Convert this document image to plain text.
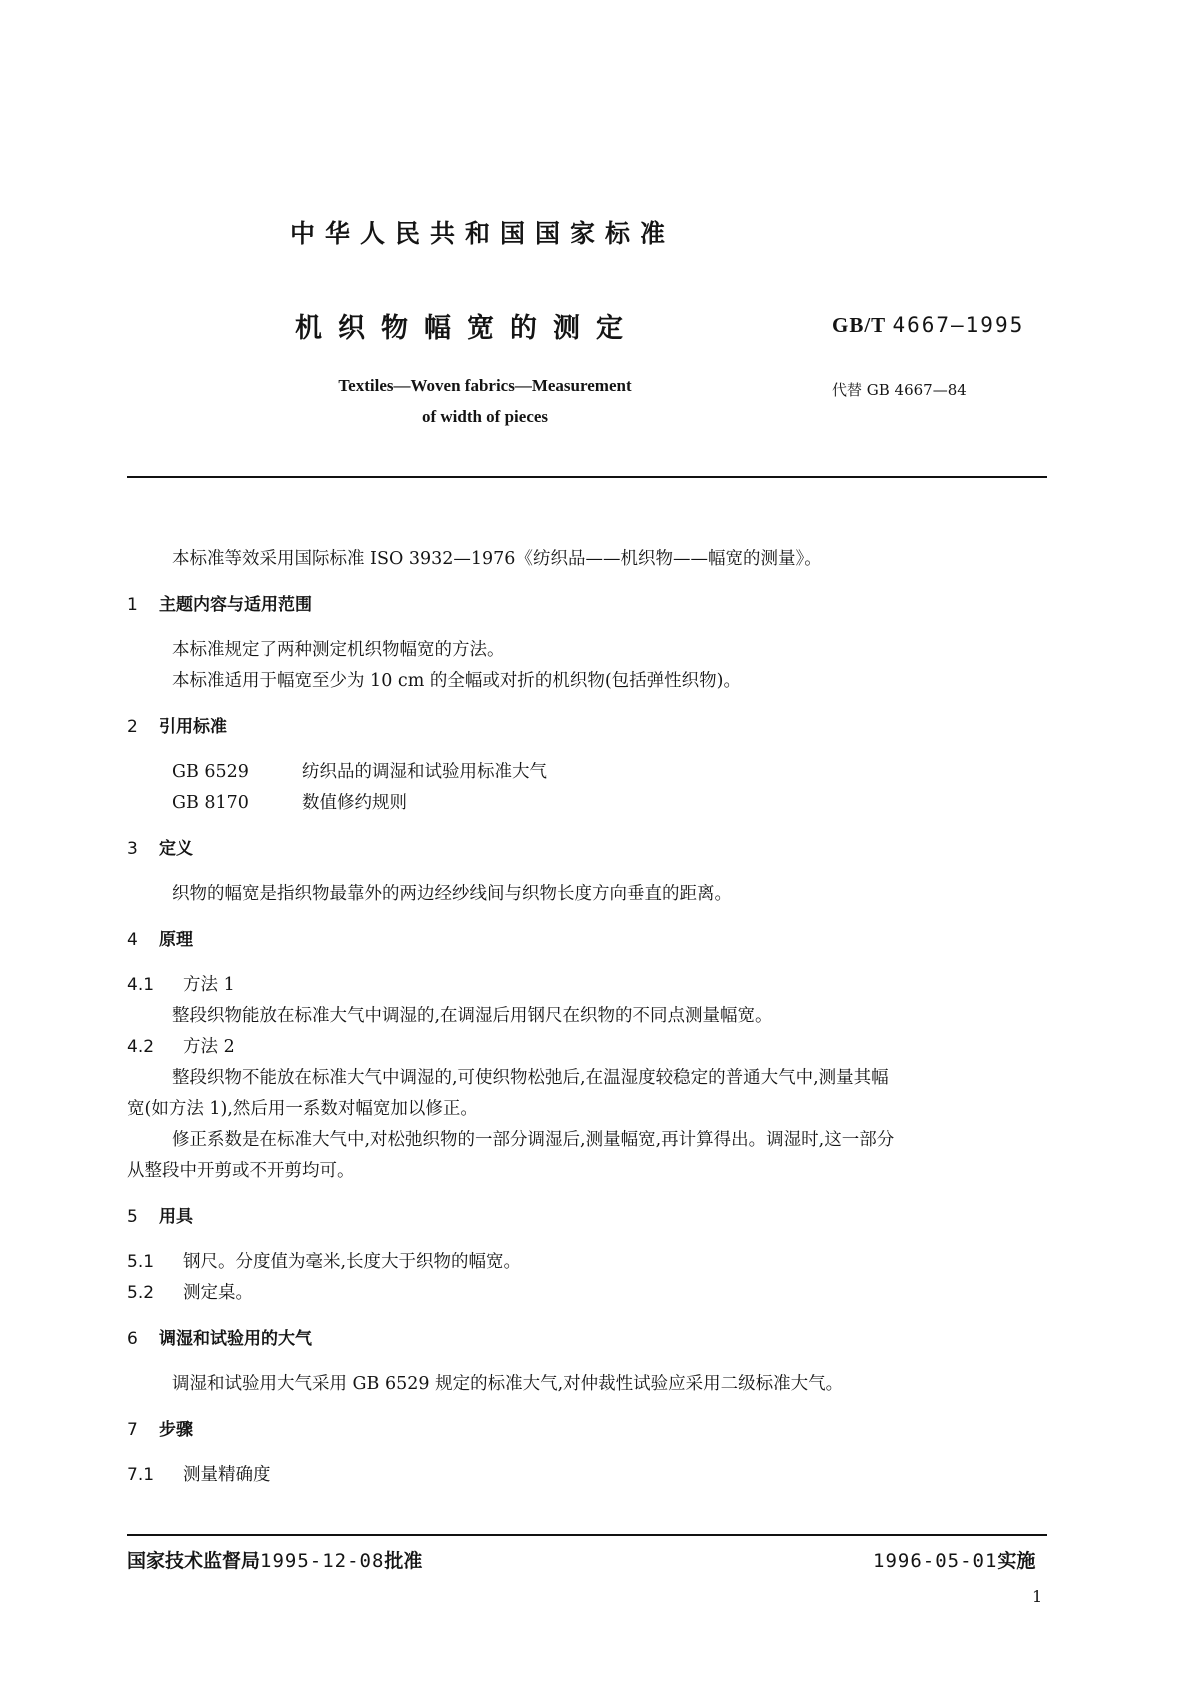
中华人民共和国国家标准
机织物幅宽的测定	GB/T 4667—1995
Textiles—Woven fabrics—Measurement
of width of pieces
代替 GB 4667—84

本标准等效采用国际标准 ISO 3932—1976《纺织品——机织物——幅宽的测量》。

1 主题内容与适用范围

本标准规定了两种测定机织物幅宽的方法。

本标准适用于幅宽至少为 10 cm 的全幅或对折的机织物(包括弹性织物)。

2 引用标准
GB 6529	纺织品的调湿和试验用标准大气
GB 8170	数值修约规则
3 定义

织物的幅宽是指织物最靠外的两边经纱线间与织物长度方向垂直的距离。

4 原理
4.1 方法 1

整段织物能放在标准大气中调湿的,在调湿后用钢尺在织物的不同点测量幅宽。

4.2 方法 2

整段织物不能放在标准大气中调湿的,可使织物松弛后,在温湿度较稳定的普通大气中,测量其幅

宽(如方法 1),然后用一系数对幅宽加以修正。

修正系数是在标准大气中,对松弛织物的一部分调湿后,测量幅宽,再计算得出。调湿时,这一部分

从整段中开剪或不开剪均可。

5 用具
5.1 钢尺。分度值为毫米,长度大于织物的幅宽。
5.2 测定桌。
6 调湿和试验用的大气

调湿和试验用大气采用 GB 6529 规定的标准大气,对仲裁性试验应采用二级标准大气。

7 步骤
7.1 测量精确度
国家技术监督局1995-12-08批准	1996-05-01实施
1
